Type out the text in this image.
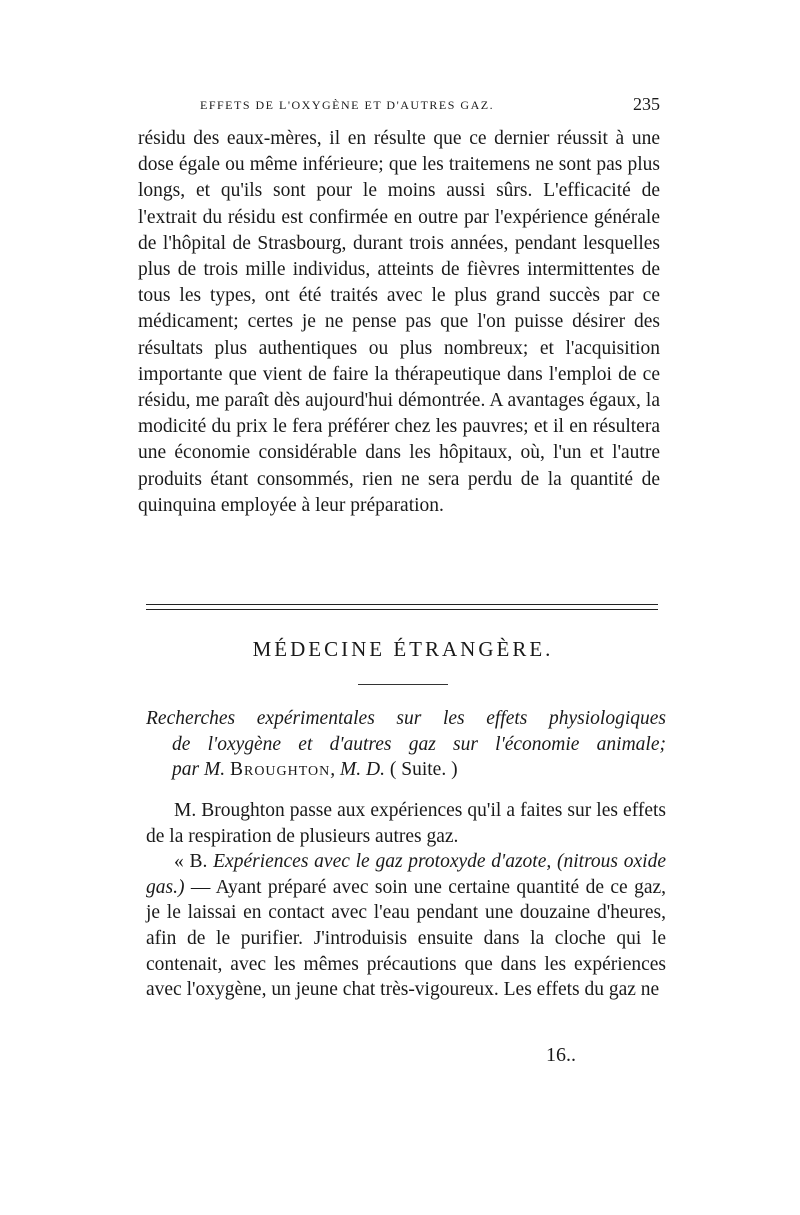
EFFETS DE L'OXYGÈNE ET D'AUTRES GAZ.	235

résidu des eaux-mères, il en résulte que ce dernier réussit à une dose égale ou même inférieure; que les traitemens ne sont pas plus longs, et qu'ils sont pour le moins aussi sûrs. L'efficacité de l'extrait du résidu est confirmée en outre par l'expérience générale de l'hôpital de Strasbourg, durant trois années, pendant lesquelles plus de trois mille individus, atteints de fièvres intermittentes de tous les types, ont été traités avec le plus grand succès par ce médicament; certes je ne pense pas que l'on puisse désirer des résultats plus authentiques ou plus nombreux; et l'acquisition importante que vient de faire la thérapeutique dans l'emploi de ce résidu, me paraît dès aujourd'hui démontrée. A avantages égaux, la modicité du prix le fera préférer chez les pauvres; et il en résultera une économie considérable dans les hôpitaux, où, l'un et l'autre produits étant consommés, rien ne sera perdu de la quantité de quinquina employée à leur préparation.

MÉDECINE ÉTRANGÈRE.
Recherches expérimentales sur les effets physiologiques
de l'oxygène et d'autres gaz sur l'économie animale;
par M. Broughton, M. D. ( Suite. )

M. Broughton passe aux expériences qu'il a faites sur les effets de la respiration de plusieurs autres gaz.

« B. Expériences avec le gaz protoxyde d'azote, (nitrous oxide gas.) — Ayant préparé avec soin une certaine quantité de ce gaz, je le laissai en contact avec l'eau pendant une douzaine d'heures, afin de le purifier. J'introduisis ensuite dans la cloche qui le contenait, avec les mêmes précautions que dans les expériences avec l'oxygène, un jeune chat très-vigoureux. Les effets du gaz ne

16..
